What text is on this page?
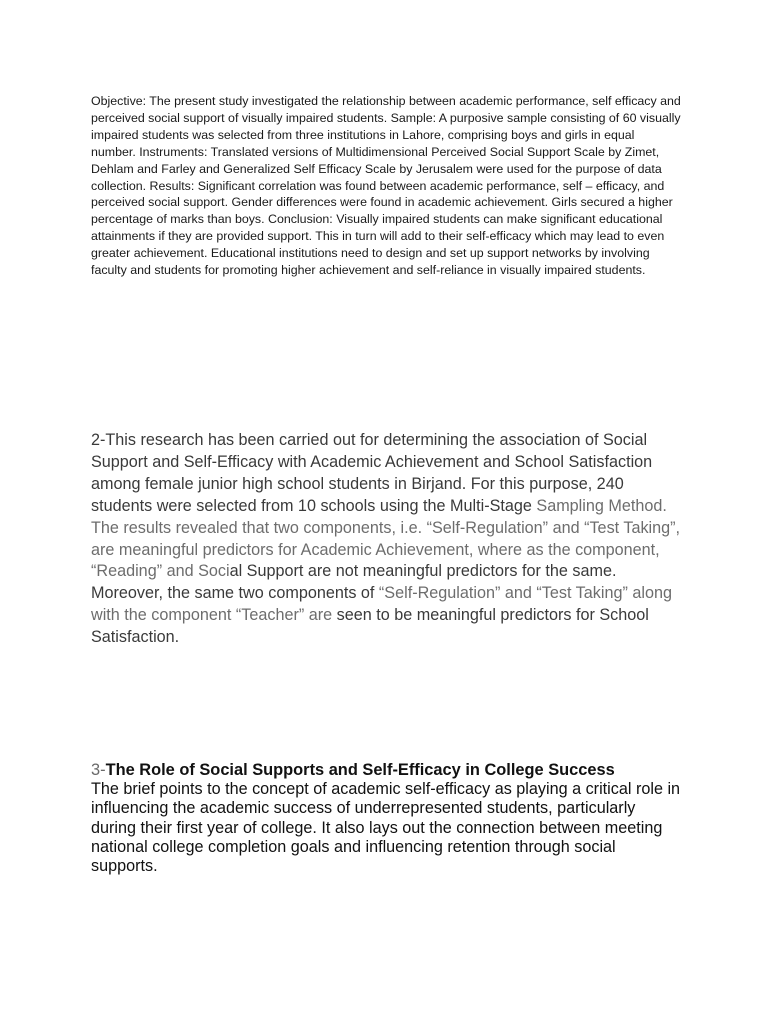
Objective: The present study investigated the relationship between academic performance, self efficacy and perceived social support of visually impaired students. Sample: A purposive sample consisting of 60 visually impaired students was selected from three institutions in Lahore, comprising boys and girls in equal number. Instruments: Translated versions of Multidimensional Perceived Social Support Scale by Zimet, Dehlam and Farley and Generalized Self Efficacy Scale by Jerusalem were used for the purpose of data collection. Results: Significant correlation was found between academic performance, self – efficacy, and perceived social support. Gender differences were found in academic achievement. Girls secured a higher percentage of marks than boys. Conclusion: Visually impaired students can make significant educational attainments if they are provided support. This in turn will add to their self-efficacy which may lead to even greater achievement. Educational institutions need to design and set up support networks by involving faculty and students for promoting higher achievement and self-reliance in visually impaired students.

2-This research has been carried out for determining the association of Social Support and Self-Efficacy with Academic Achievement and School Satisfaction among female junior high school students in Birjand. For this purpose, 240 students were selected from 10 schools using the Multi-Stage Sampling Method. The results revealed that two components, i.e. “Self-Regulation” and “Test Taking”, are meaningful predictors for Academic Achievement, where as the component, “Reading” and Social Support are not meaningful predictors for the same. Moreover, the same two components of “Self-Regulation” and “Test Taking” along with the component “Teacher” are seen to be meaningful predictors for School Satisfaction.

3-The Role of Social Supports and Self-Efficacy in College Success

The brief points to the concept of academic self-efficacy as playing a critical role in influencing the academic success of underrepresented students, particularly during their first year of college. It also lays out the connection between meeting national college completion goals and influencing retention through social supports.
